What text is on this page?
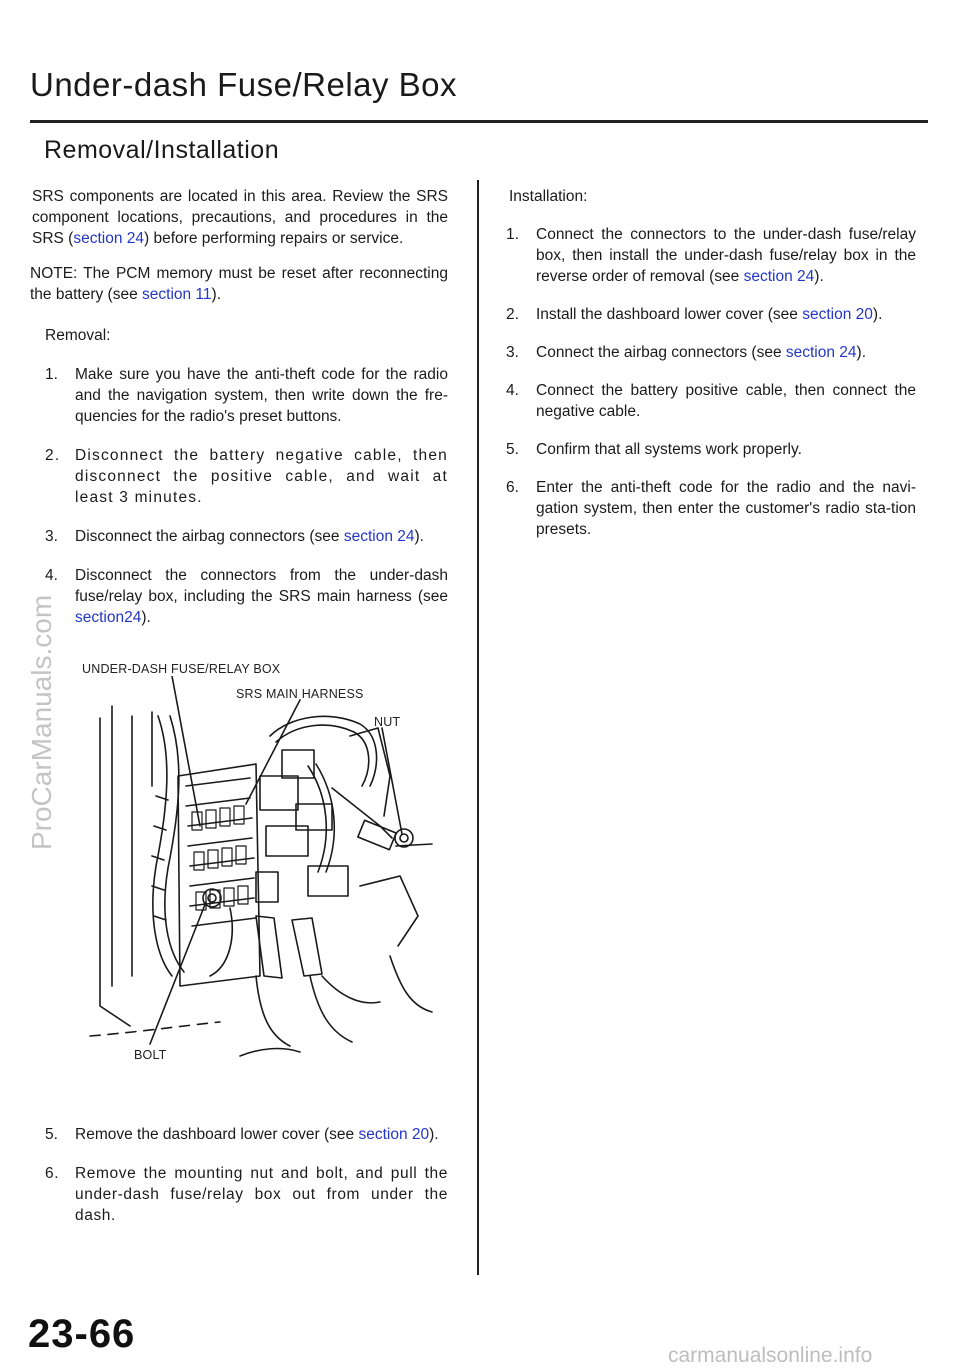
Under-dash Fuse/Relay Box
Removal/Installation

SRS components are located in this area. Review the SRS component locations, precautions, and procedures in the SRS (section 24) before performing repairs or service.

NOTE: The PCM memory must be reset after reconnecting the battery (see section 11).

Removal:

1.	Make sure you have the anti-theft code for the radio and the navigation system, then write down the fre-quencies for the radio's preset buttons.
2. Disconnect the battery negative cable, then disconnect the positive cable, and wait at least 3 minutes.
3.	Disconnect the airbag connectors (see section 24).
4.	Disconnect the connectors from the under-dash fuse/relay box, including the SRS main harness (see section24).
UNDER-DASH FUSE/RELAY BOX
SRS MAIN HARNESS
NUT
BOLT
5.	Remove the dashboard lower cover (see section 20).
6.	Remove the mounting nut and bolt, and pull the under-dash fuse/relay box out from under the dash.

Installation:

1.	Connect the connectors to the under-dash fuse/relay box, then install the under-dash fuse/relay box in the reverse order of removal (see section 24).
2.	Install the dashboard lower cover (see section 20).
3.	Connect the airbag connectors (see section 24).
4.	Connect the battery positive cable, then connect the negative cable.
5.	Confirm that all systems work properly.
6.	Enter the anti-theft code for the radio and the navi-gation system, then enter the customer's radio sta-tion presets.
23-66	carmanualsonline.info
ProCarManuals.com
